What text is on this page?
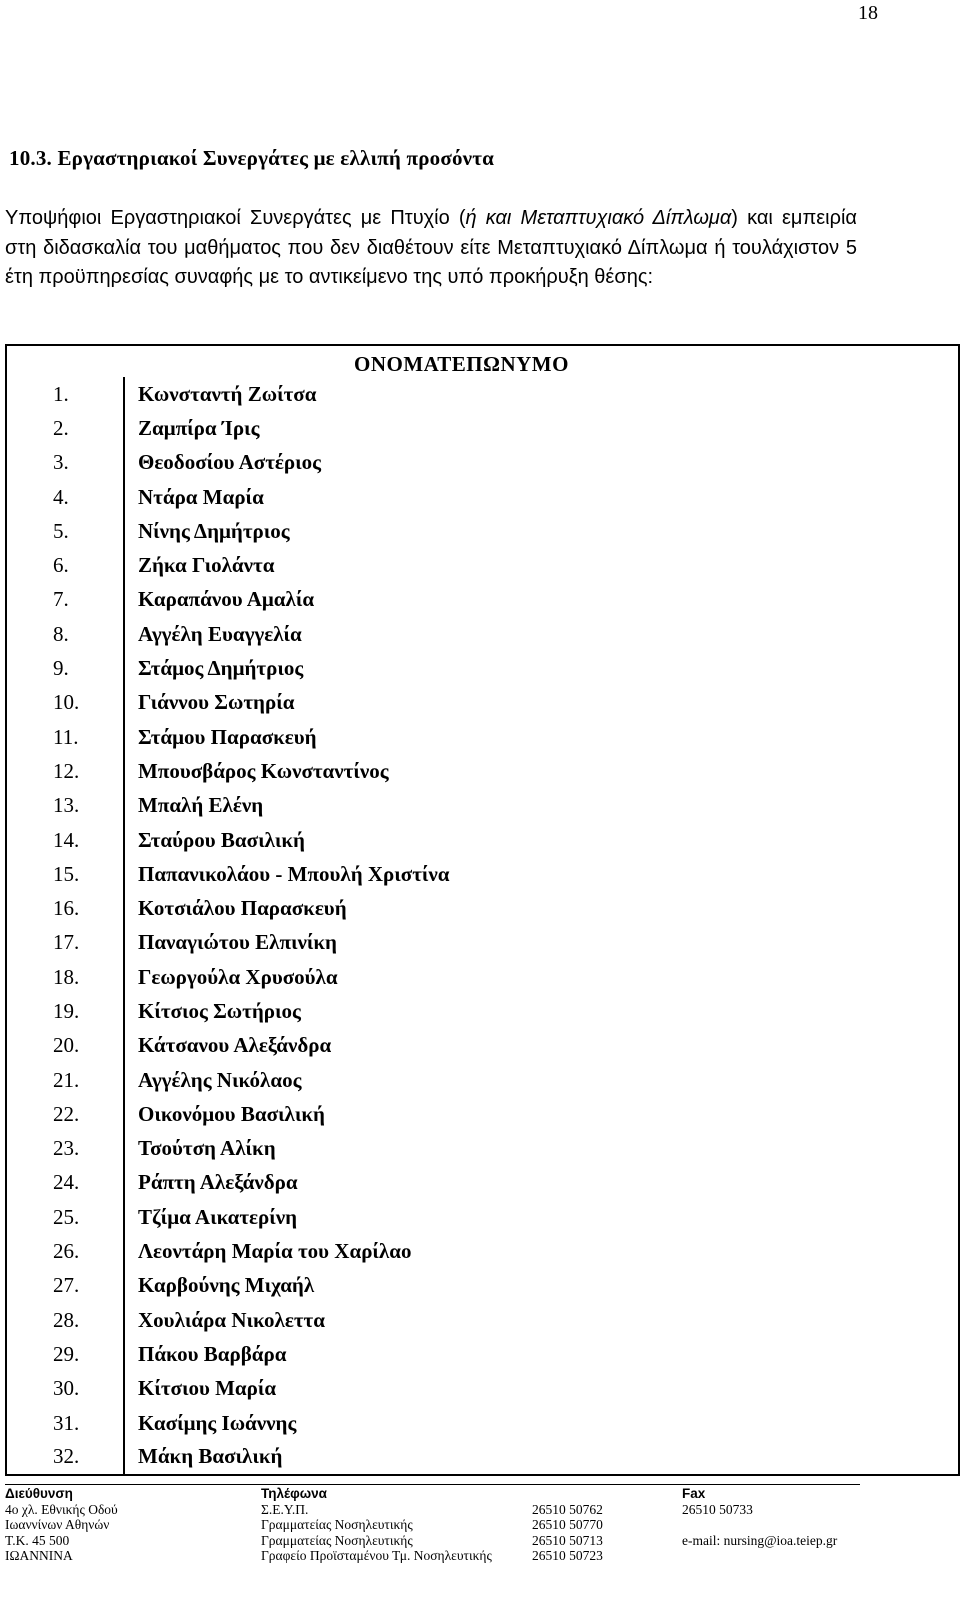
18
10.3. Εργαστηριακοί Συνεργάτες με ελλιπή προσόντα

Υποψήφιοι Εργαστηριακοί Συνεργάτες με Πτυχίο (ή και Μεταπτυχιακό Δίπλωμα) και εμπειρία στη διδασκαλία του μαθήματος που δεν διαθέτουν είτε Μεταπτυχιακό Δίπλωμα ή τουλάχιστον 5 έτη προϋπηρεσίας συναφής με το αντικείμενο της υπό προκήρυξη θέσης:

ΟΝΟΜΑΤΕΠΩΝΥΜΟ	
1.	Κωνσταντή Ζωίτσα
2.	Ζαμπίρα Ίρις
3.	Θεοδοσίου Αστέριος
4.	Ντάρα Μαρία
5.	Νίνης Δημήτριος
6.	Ζήκα Γιολάντα
7.	Καραπάνου Αμαλία
8.	Αγγέλη Ευαγγελία
9.	Στάμος Δημήτριος
10.	Γιάννου Σωτηρία
11.	Στάμου Παρασκευή
12.	Μπουσβάρος Κωνσταντίνος
13.	Μπαλή Ελένη
14.	Σταύρου Βασιλική
15.	Παπανικολάου - Μπουλή Χριστίνα
16.	Κοτσιάλου Παρασκευή
17.	Παναγιώτου Ελπινίκη
18.	Γεωργούλα Χρυσούλα
19.	Κίτσιος Σωτήριος
20.	Κάτσανου Αλεξάνδρα
21.	Αγγέλης Νικόλαος
22.	Οικονόμου Βασιλική
23.	Τσούτση Αλίκη
24.	Ράπτη Αλεξάνδρα
25.	Τζίμα Αικατερίνη
26.	Λεοντάρη Μαρία του Χαρίλαο
27.	Καρβούνης Μιχαήλ
28.	Χουλιάρα Νικολεττα
29.	Πάκου Βαρβάρα
30.	Κίτσιου Μαρία
31.	Κασίμης Ιωάννης
32.	Μάκη Βασιλική
Διεύθυνση	Τηλέφωνα	Fax
4ο χλ. Εθνικής Οδού	Σ.Ε.Υ.Π.	26510 50762	26510 50733
Ιωαννίνων Αθηνών	Γραμματείας Νοσηλευτικής	26510 50770
Τ.Κ. 45 500	Γραμματείας Νοσηλευτικής	26510 50713	e-mail: nursing@ioa.teiep.gr
ΙΩΑΝΝΙΝΑ	Γραφείο Προϊσταμένου Τμ. Νοσηλευτικής	26510 50723
